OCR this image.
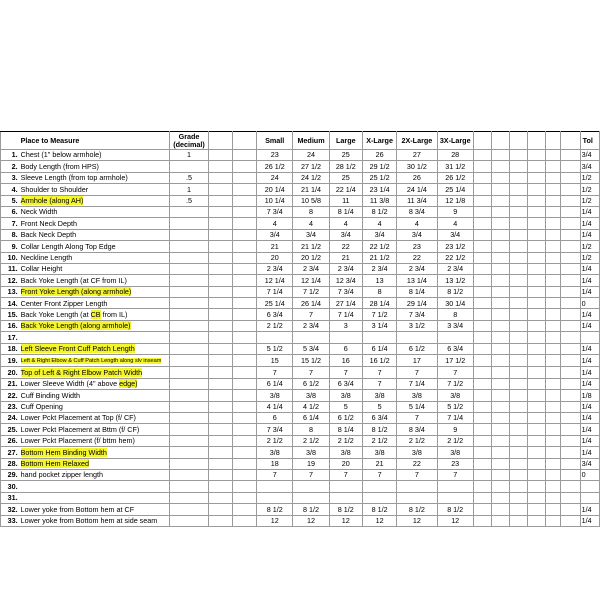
	Place to Measure	Grade
(decimal)			Small	Medium	Large	X-Large	2X-Large	3X-Large							Tol
1.	Chest (1" below armhole)	1			23	24	25	26	27	28							3/4
2.	Body Length (from HPS)				26 1/2	27 1/2	28 1/2	29 1/2	30 1/2	31 1/2							3/4
3.	Sleeve Length (from top armhole)	.5			24	24 1/2	25	25 1/2	26	26 1/2							1/2
4.	Shoulder to Shoulder	1			20 1/4	21 1/4	22 1/4	23 1/4	24 1/4	25 1/4							1/2
5.	Armhole (along AH)	.5			10 1/4	10 5/8	11	11 3/8	11 3/4	12 1/8							1/2
6.	Neck Width				7 3/4	8	8 1/4	8 1/2	8 3/4	9							1/4
7.	Front Neck Depth				4	4	4	4	4	4							1/4
8.	Back Neck Depth				3/4	3/4	3/4	3/4	3/4	3/4							1/4
9.	Collar Length Along Top Edge				21	21 1/2	22	22 1/2	23	23 1/2							1/2
10.	Neckline Length				20	20 1/2	21	21 1/2	22	22 1/2							1/2
11.	Collar Height				2 3/4	2 3/4	2 3/4	2 3/4	2 3/4	2 3/4							1/4
12.	Back Yoke Length (at CF from IL)				12 1/4	12 1/4	12 3/4	13	13 1/4	13 1/2							1/4
13.	Front Yoke Length (along armhole)				7 1/4	7 1/2	7 3/4	8	8 1/4	8 1/2							1/4
14.	Center Front Zipper Length				25 1/4	26 1/4	27 1/4	28 1/4	29 1/4	30 1/4							0
15.	Back Yoke Length (at CB from IL)				6 3/4	7	7 1/4	7 1/2	7 3/4	8							1/4
16.	Back Yoke Length (along armhole)				2 1/2	2 3/4	3	3 1/4	3 1/2	3 3/4							1/4
17.																	
18.	Left Sleeve Front Cuff Patch Length				5 1/2	5 3/4	6	6 1/4	6 1/2	6 3/4							1/4
19.	Left & Right Elbow & Cuff Patch Length along slv inseam				15	15 1/2	16	16 1/2	17	17 1/2							1/4
20.	Top of Left & Right Elbow Patch Width				7	7	7	7	7	7							1/4
21.	Lower Sleeve Width (4" above edge)				6 1/4	6 1/2	6 3/4	7	7 1/4	7 1/2							1/4
22.	Cuff Binding Width				3/8	3/8	3/8	3/8	3/8	3/8							1/8
23.	Cuff Opening				4 1/4	4 1/2	5	5	5 1/4	5 1/2							1/4
24.	Lower Pckt Placement at Top (f/ CF)				6	6 1/4	6 1/2	6 3/4	7	7 1/4							1/4
25.	Lower Pckt Placement at Bttm (f/ CF)				7 3/4	8	8 1/4	8 1/2	8 3/4	9							1/4
26.	Lower Pckt Placement (f/ bttm hem)				2 1/2	2 1/2	2 1/2	2 1/2	2 1/2	2 1/2							1/4
27.	Bottom Hem Binding Width				3/8	3/8	3/8	3/8	3/8	3/8							1/4
28.	Bottom Hem Relaxed				18	19	20	21	22	23							3/4
29.	hand pocket zipper length				7	7	7	7	7	7							0
30.																	
31.																	
32.	Lower yoke from Bottom hem at CF				8 1/2	8 1/2	8 1/2	8 1/2	8 1/2	8 1/2							1/4
33.	Lower yoke from Bottom hem at side seam				12	12	12	12	12	12							1/4
